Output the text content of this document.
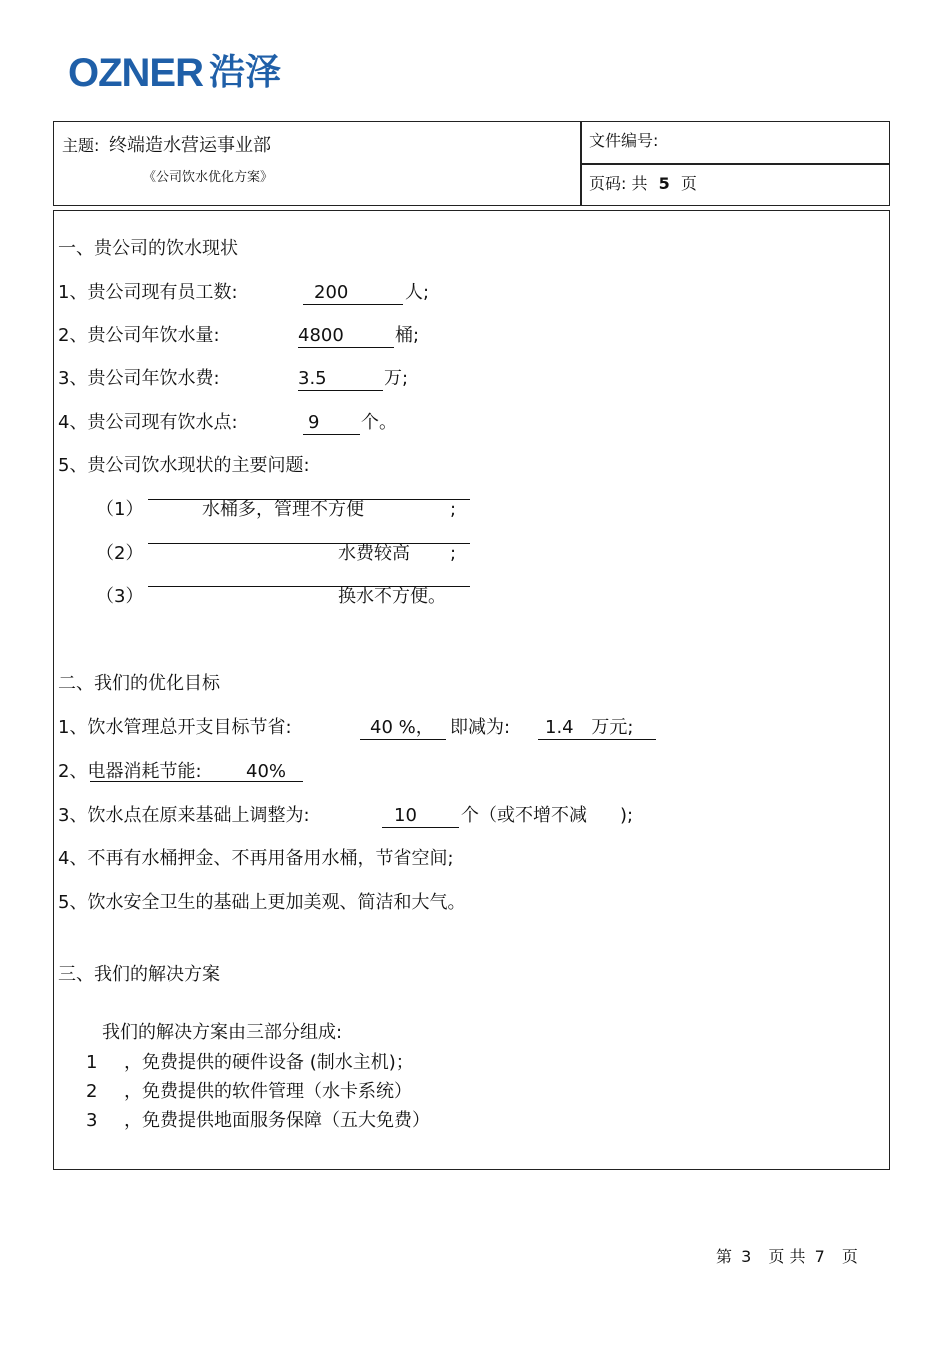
OZNER 浩泽
主题: 终端造水营运事业部
《公司饮水优化方案》
文件编号:
页码: 共 5 页
一、贵公司的饮水现状
1、贵公司现有员工数:	200	人;
2、贵公司年饮水量:	4800	桶;
3、贵公司年饮水费:	3.5	万;
4、贵公司现有饮水点:	9	个。
5、贵公司饮水现状的主要问题:
（1）	水桶多，管理不方便	;
（2）	水费较高 ;
（3）	换水不方便。
二、我们的优化目标
1、饮水管理总开支目标节省:	40 %， 即减为:	1.4 万元;
2、电器消耗节能: 40%
3、饮水点在原来基础上调整为:	10	个（或不增不减 );
4、不再有水桶押金、不再用备用水桶，节省空间;
5、饮水安全卫生的基础上更加美观、简洁和大气。
三、我们的解决方案
我们的解决方案由三部分组成:
1 ，免费提供的硬件设备 (制水主机)；
2 ，免费提供的软件管理（水卡系统）
3 ，免费提供地面服务保障（五大免费）
第 3 页 共 7 页
